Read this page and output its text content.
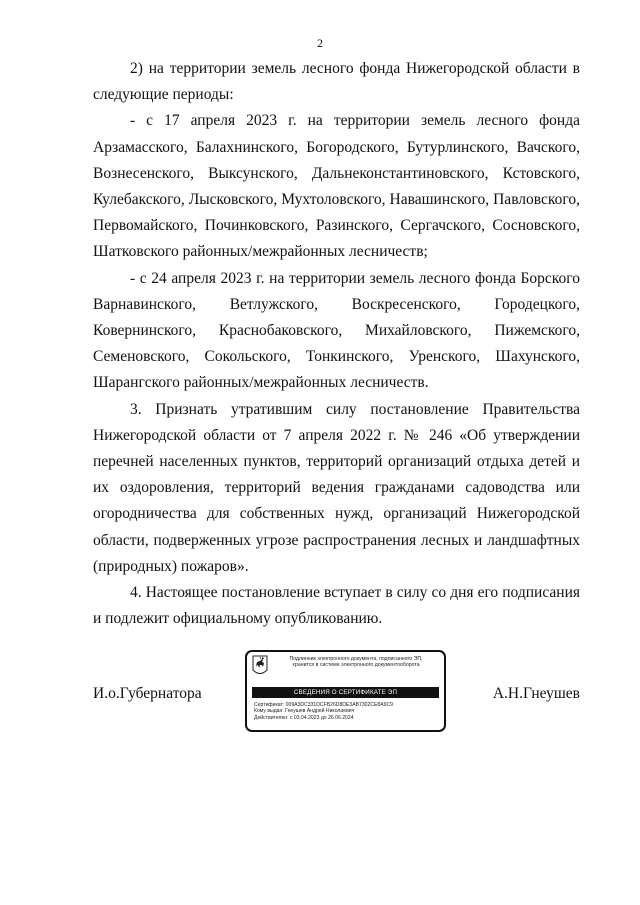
2

2) на территории земель лесного фонда Нижегородской области в следующие периоды:

- с 17 апреля 2023 г. на территории земель лесного фонда Арзамасского, Балахнинского, Богородского, Бутурлинского, Вачского, Вознесенского, Выксунского, Дальнеконстантиновского, Кстовского, Кулебакского, Лысковского, Мухтоловского, Навашинского, Павловского, Первомайского, Починковского, Разинского, Сергачского, Сосновского, Шатковского районных/межрайонных лесничеств;

- с 24 апреля 2023 г. на территории земель лесного фонда Борского Варнавинского, Ветлужского, Воскресенского, Городецкого, Ковернинского, Краснобаковского, Михайловского, Пижемского, Семеновского, Сокольского, Тонкинского, Уренского, Шахунского, Шарангского районных/межрайонных лесничеств.

3. Признать утратившим силу постановление Правительства Нижегородской области от 7 апреля 2022 г. № 246 «Об утверждении перечней населенных пунктов, территорий организаций отдыха детей и их оздоровления, территорий ведения гражданами садоводства или огородничества для собственных нужд, организаций Нижегородской области, подверженных угрозе распространения лесных и ландшафтных (природных) пожаров».

4. Настоящее постановление вступает в силу со дня его подписания и подлежит официальному опубликованию.

И.о.Губернатора	А.Н.Гнеушев
Подлинник электронного документа, подписанного ЭП,
хранится в системе электронного документооборота
СВЕДЕНИЯ О СЕРТИФИКАТЕ ЭП
Сертификат: 009A3DC331DCFB26D8DE3AB7302CE8A9C9
Кому выдан: Гнеушев Андрей Николаевич
Действителен: с 03.04.2023 до 26.06.2024
